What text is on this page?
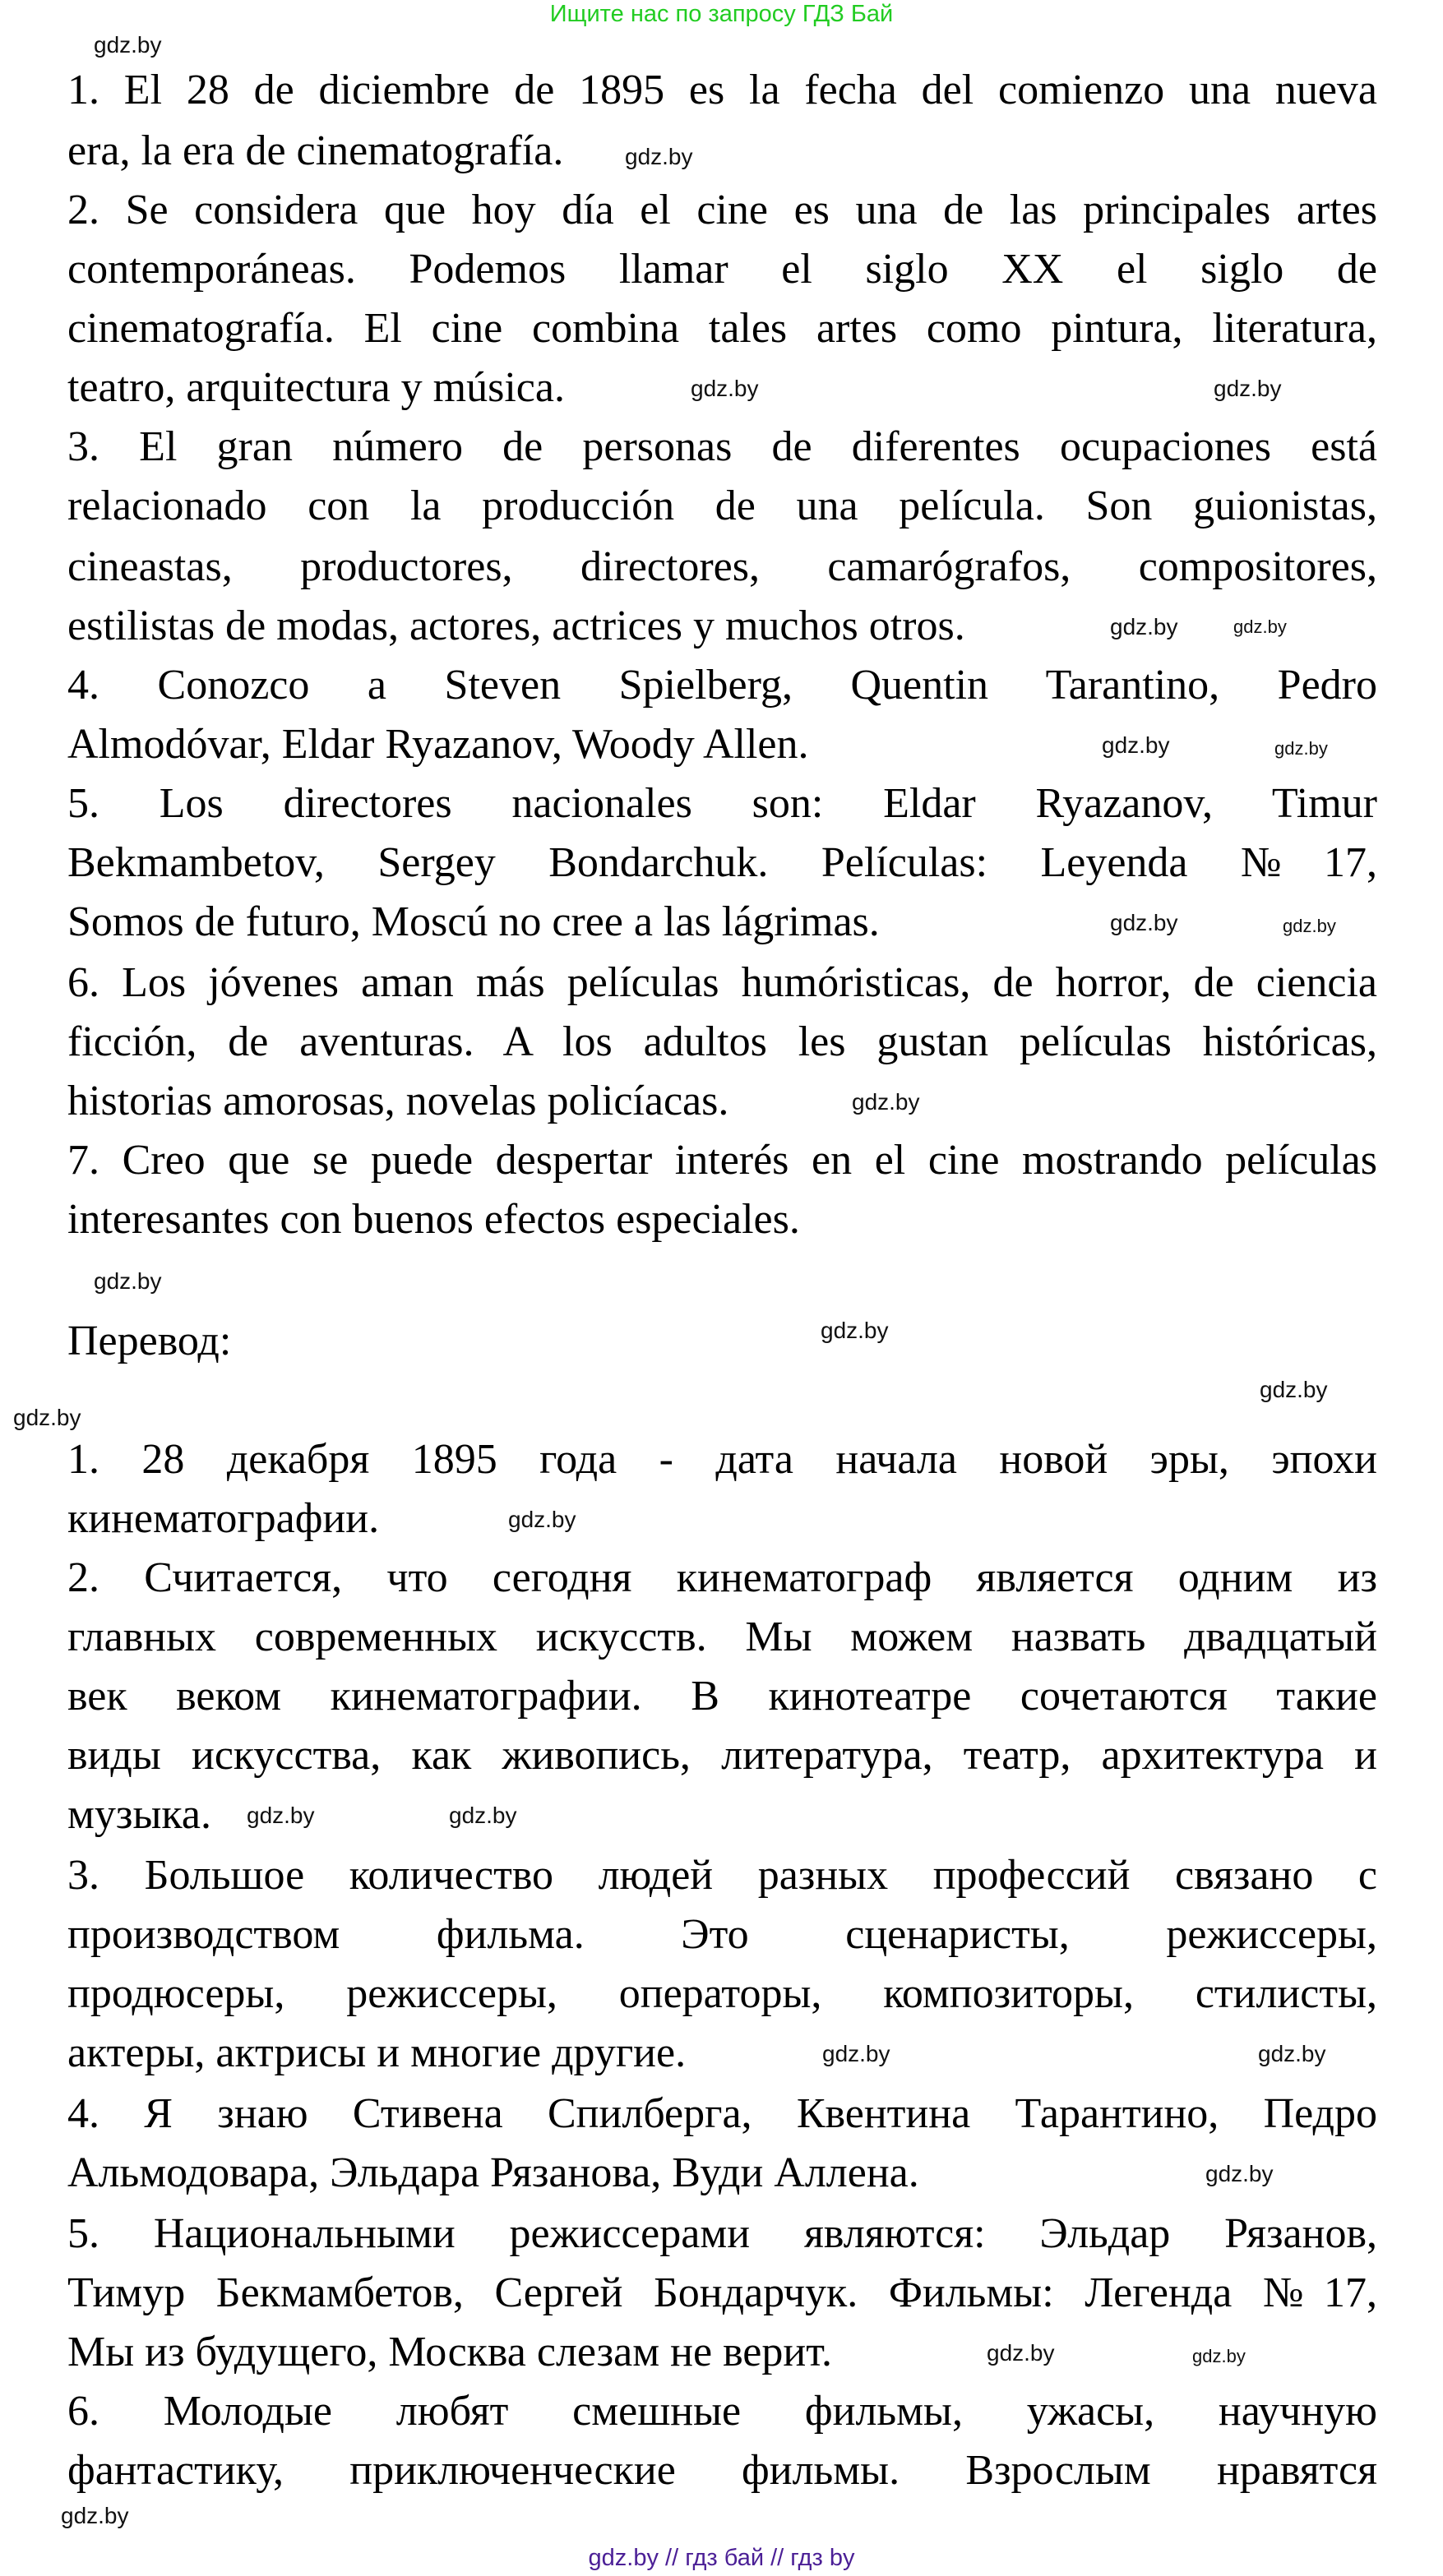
Ищите нас по запросу ГДЗ Бай
1. El 28 de diciembre de 1895 es la fecha del comienzo una nueva
era, la era de cinematografía.
2. Se considera que hoy día el cine es una de las principales artes
contemporáneas. Podemos llamar el siglo XX el siglo de
cinematografía. El cine combina tales artes como pintura, literatura,
teatro, arquitectura y música.
3. El gran número de personas de diferentes ocupaciones está
relacionado con la producción de una película. Son guionistas,
cineastas, productores, directores, camarógrafos, compositores,
estilistas de modas, actores, actrices y muchos otros.
4. Conozco a Steven Spielberg, Quentin Tarantino, Pedro
Almodóvar, Eldar Ryazanov, Woody Allen.
5. Los directores nacionales son: Eldar Ryazanov, Timur
Bekmambetov, Sergey Bondarchuk. Películas: Leyenda №17,
Somos de futuro, Moscú no cree a las lágrimas.
6. Los jóvenes aman más películas humóristicas, de horror, de ciencia
ficción, de aventuras. A los adultos les gustan películas históricas,
historias amorosas, novelas policíacas.
7. Creo que se puede despertar interés en el cine mostrando películas
interesantes con buenos efectos especiales.
1. 28 декабря 1895 года - дата начала новой эры, эпохи
кинематографии.
2. Считается, что сегодня кинематограф является одним из
главных современных искусств. Мы можем назвать двадцатый
век веком кинематографии. В кинотеатре сочетаются такие
виды искусства, как живопись, литература, театр, архитектура и
музыка.
3. Большое количество людей разных профессий связано с
производством фильма. Это сценаристы, режиссеры,
продюсеры, режиссеры, операторы, композиторы, стилисты,
актеры, актрисы и многие другие.
4. Я знаю Стивена Спилберга, Квентина Тарантино, Педро
Альмодовара, Эльдара Рязанова, Вуди Аллена.
5. Национальными режиссерами являются: Эльдар Рязанов,
Тимур Бекмамбетов, Сергей Бондарчук. Фильмы: Легенда №17,
Мы из будущего, Москва слезам не верит.
6. Молодые любят смешные фильмы, ужасы, научную
фантастику, приключенческие фильмы. Взрослым нравятся
Перевод:
gdz.by
gdz.by
gdz.by	gdz.by
gdz.by
gdz.by
gdz.by
gdz.by
gdz.by	gdz.by
gdz.by
gdz.by
gdz.by
gdz.by
gdz.by
gdz.by
gdz.by	gdz.by
gdz.by
gdz.by
gdz.by
gdz.by	gdz.by
gdz.by
gdz.by // гдз бай // гдз by
